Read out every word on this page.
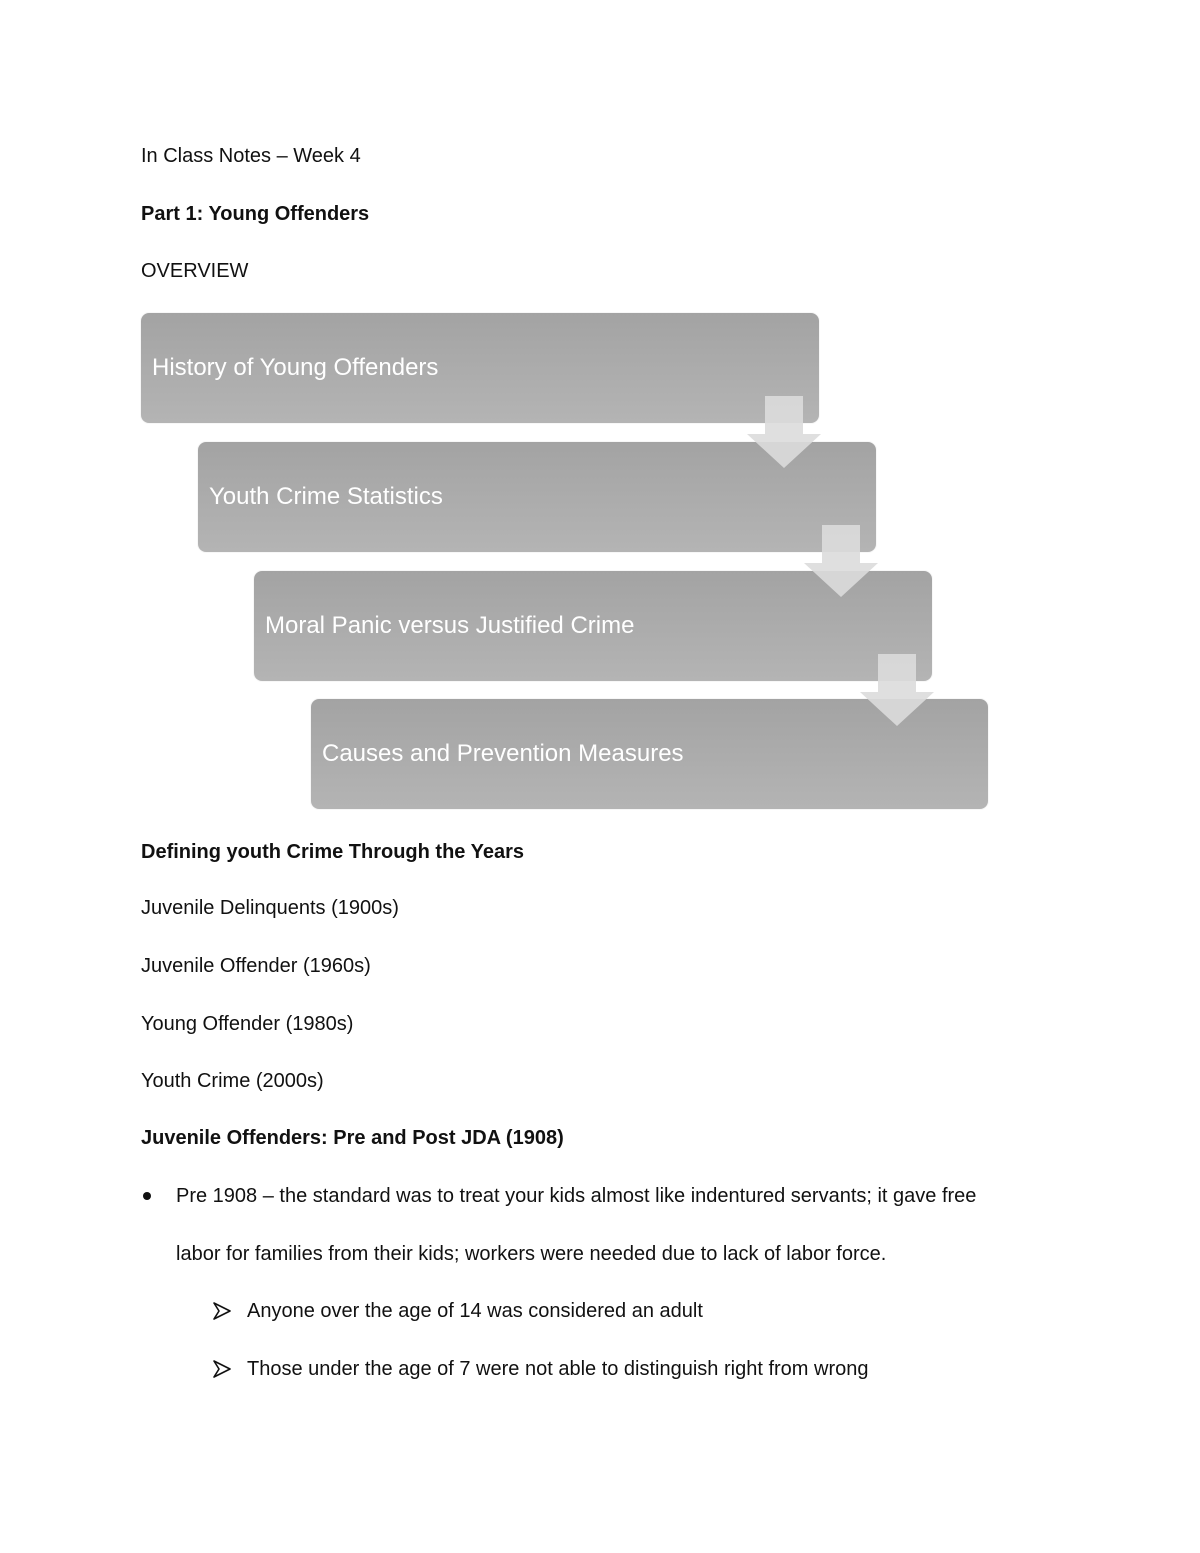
In Class Notes – Week 4
Part 1: Young Offenders
OVERVIEW
History of Young Offenders
Youth Crime Statistics
Moral Panic versus Justified Crime
Causes and Prevention Measures
Defining youth Crime Through the Years
Juvenile Delinquents (1900s)
Juvenile Offender (1960s)
Young Offender (1980s)
Youth Crime (2000s)
Juvenile Offenders: Pre and Post JDA (1908)
Pre 1908 – the standard was to treat your kids almost like indentured servants; it gave free
labor for families from their kids; workers were needed due to lack of labor force.
Anyone over the age of 14 was considered an adult
Those under the age of 7 were not able to distinguish right from wrong
